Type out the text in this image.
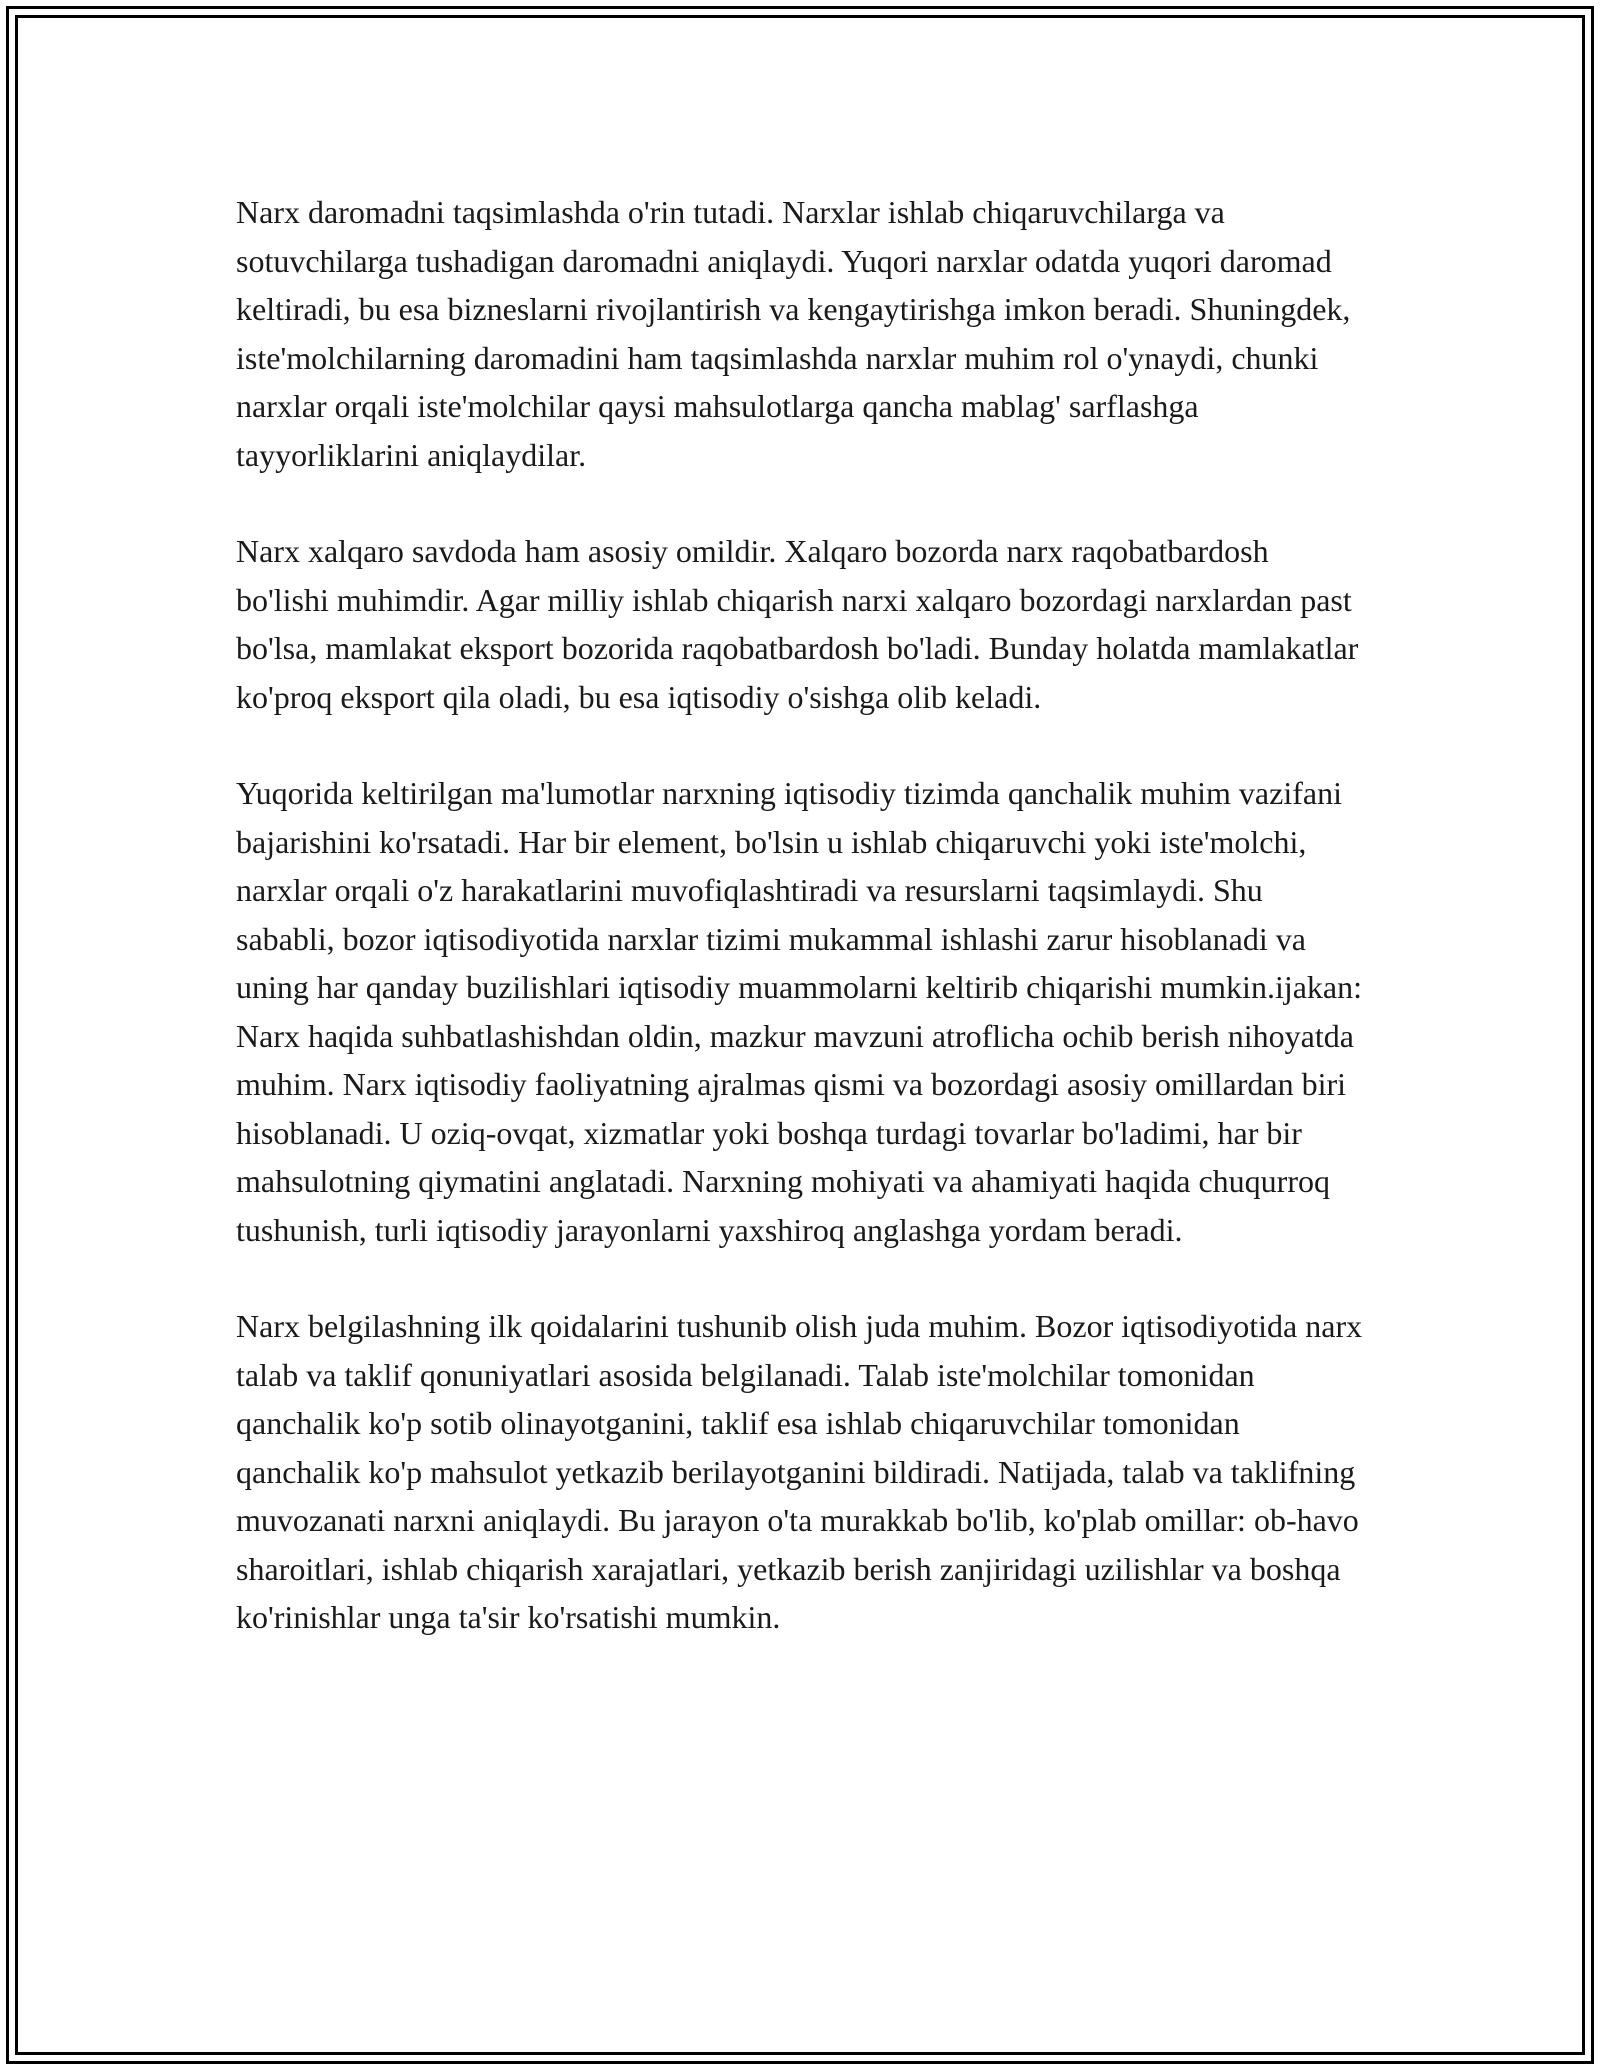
Narx daromadni taqsimlashda o'rin tutadi. Narxlar ishlab chiqaruvchilarga va sotuvchilarga tushadigan daromadni aniqlaydi. Yuqori narxlar odatda yuqori daromad keltiradi, bu esa bizneslarni rivojlantirish va kengaytirishga imkon beradi. Shuningdek, iste'molchilarning daromadini ham taqsimlashda narxlar muhim rol o'ynaydi, chunki narxlar orqali iste'molchilar qaysi mahsulotlarga qancha mablag' sarflashga tayyorliklarini aniqlaydilar.

Narx xalqaro savdoda ham asosiy omildir. Xalqaro bozorda narx raqobatbardosh bo'lishi muhimdir. Agar milliy ishlab chiqarish narxi xalqaro bozordagi narxlardan past bo'lsa, mamlakat eksport bozorida raqobatbardosh bo'ladi. Bunday holatda mamlakatlar ko'proq eksport qila oladi, bu esa iqtisodiy o'sishga olib keladi.

Yuqorida keltirilgan ma'lumotlar narxning iqtisodiy tizimda qanchalik muhim vazifani bajarishini ko'rsatadi. Har bir element, bo'lsin u ishlab chiqaruvchi yoki iste'molchi, narxlar orqali o'z harakatlarini muvofiqlashtiradi va resurslarni taqsimlaydi. Shu sababli, bozor iqtisodiyotida narxlar tizimi mukammal ishlashi zarur hisoblanadi va uning har qanday buzilishlari iqtisodiy muammolarni keltirib chiqarishi mumkin.ijakan: Narx haqida suhbatlashishdan oldin, mazkur mavzuni atroflicha ochib berish nihoyatda muhim. Narx iqtisodiy faoliyatning ajralmas qismi va bozordagi asosiy omillardan biri hisoblanadi. U oziq-ovqat, xizmatlar yoki boshqa turdagi tovarlar bo'ladimi, har bir mahsulotning qiymatini anglatadi. Narxning mohiyati va ahamiyati haqida chuqurroq tushunish, turli iqtisodiy jarayonlarni yaxshiroq anglashga yordam beradi.

Narx belgilashning ilk qoidalarini tushunib olish juda muhim. Bozor iqtisodiyotida narx talab va taklif qonuniyatlari asosida belgilanadi. Talab iste'molchilar tomonidan qanchalik ko'p sotib olinayotganini, taklif esa ishlab chiqaruvchilar tomonidan qanchalik ko'p mahsulot yetkazib berilayotganini bildiradi. Natijada, talab va taklifning muvozanati narxni aniqlaydi. Bu jarayon o'ta murakkab bo'lib, ko'plab omillar: ob-havo sharoitlari, ishlab chiqarish xarajatlari, yetkazib berish zanjiridagi uzilishlar va boshqa ko'rinishlar unga ta'sir ko'rsatishi mumkin.
